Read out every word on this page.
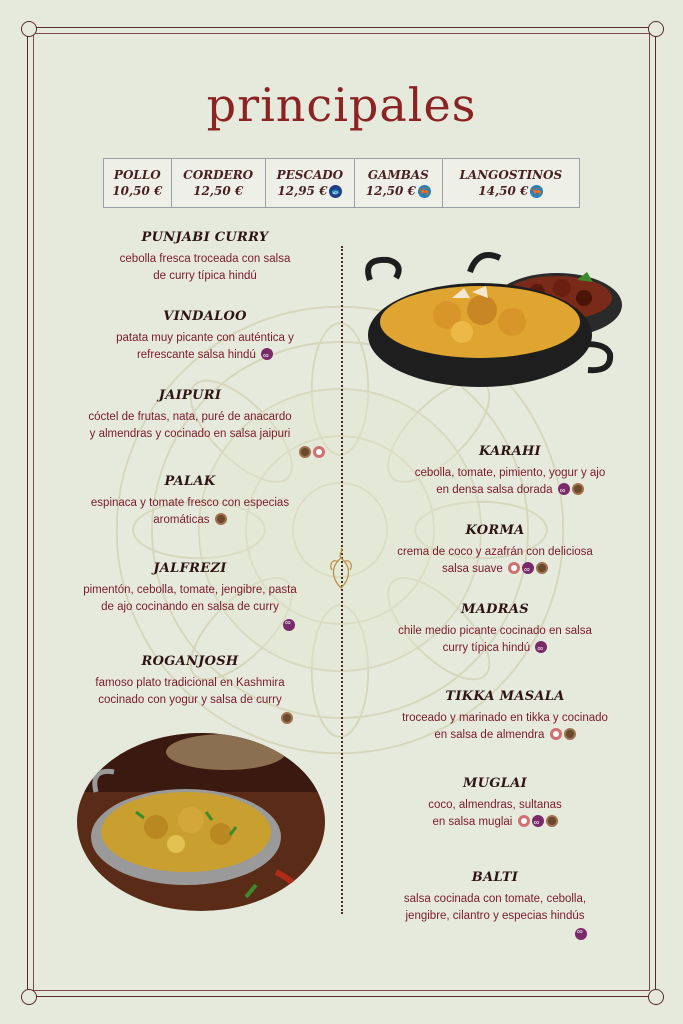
principales
POLLO
10,50 €

CORDERO
12,50 €

PESCADO
12,95 € 🐟

GAMBAS
12,50 € 🦐

LANGOSTINOS
14,50 € 🦐
PUNJABI CURRY
cebolla fresca troceada con salsa
de curry típica hindú
VINDALOO
patata muy picante con auténtica y
refrescante salsa hindú ∞
JAIPURI
cóctel de frutas, nata, puré de anacardo
y almendras y cocinado en salsa jaipuri
PALAK
espinaca y tomate fresco con especias
aromáticas
JALFREZI
pimentón, cebolla, tomate, jengibre, pasta
de ajo cocinando en salsa de curry
∞
ROGANJOSH
famoso plato tradicional en Kashmira
cocinado con yogur y salsa de curry
KARAHI
cebolla, tomate, pimiento, yogur y ajo
en densa salsa dorada ∞
KORMA
crema de coco y azafrán con deliciosa
salsa suave ∞
MADRAS
chile medio picante cocinado en salsa
curry típica hindú ∞
TIKKA MASALA
troceado y marinado en tikka y cocinado
en salsa de almendra
MUGLAI
coco, almendras, sultanas
en salsa muglai ∞
BALTI
salsa cocinada con tomate, cebolla,
jengibre, cilantro y especias hindús
∞
